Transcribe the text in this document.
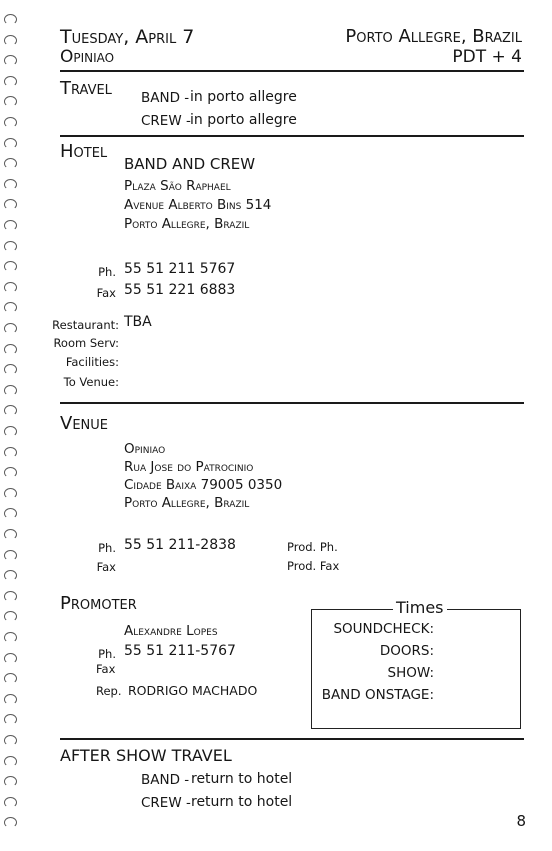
Tuesday, April 7
Opiniao
Porto Allegre, Brazil
PDT + 4
Travel BAND - in porto allegre
CREW - in porto allegre
Hotel
BAND AND CREW
Plaza São Raphael
Avenue Alberto Bins 514
Porto Allegre, Brazil
Ph. 55 51 211 5767
Fax 55 51 221 6883
Restaurant: TBA
Room Serv:
Facilities:
To Venue:
Venue
Opiniao
Rua Jose do Patrocinio
Cidade Baixa 79005 0350
Porto Allegre, Brazil
Ph. 55 51 211-2838
Fax
Prod. Ph.
Prod. Fax
Promoter
Alexandre Lopes
Ph. 55 51 211-5767
Fax
Rep. RODRIGO MACHADO
Times
SOUNDCHECK:
DOORS:
SHOW:
BAND ONSTAGE:
AFTER SHOW TRAVEL
BAND - return to hotel
CREW - return to hotel
8
